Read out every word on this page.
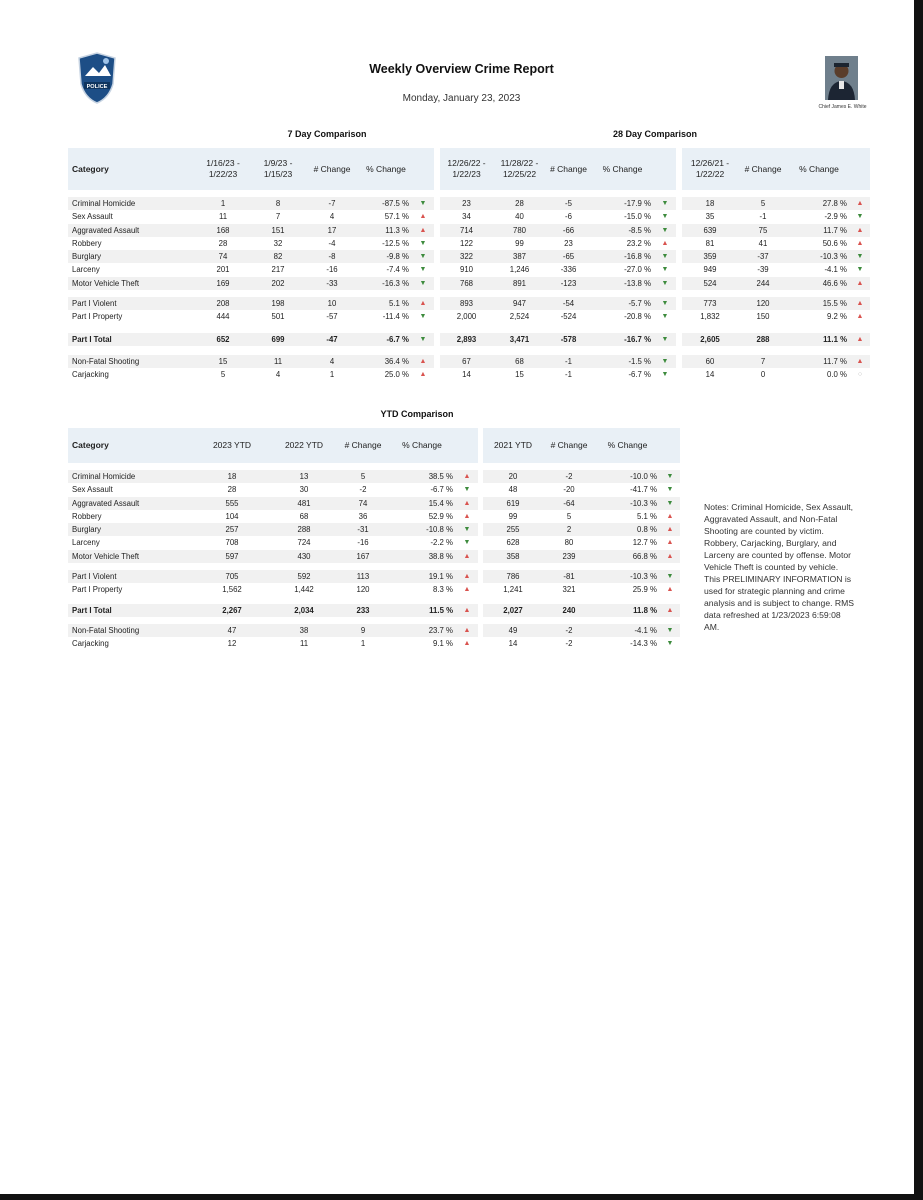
POLICE
Weekly Overview Crime Report
Monday, January 23, 2023
Chief James E. White
7 Day Comparison	28 Day Comparison
YTD Comparison
Category	1/16/23 - 1/22/23	1/9/23 - 1/15/23	# Change	% Change	

Criminal Homicide	1	8	-7	-87.5 %	▼
Sex Assault	11	7	4	57.1 %	▲
Aggravated Assault	168	151	17	11.3 %	▲
Robbery	28	32	-4	-12.5 %	▼
Burglary	74	82	-8	-9.8 %	▼
Larceny	201	217	-16	-7.4 %	▼
Motor Vehicle Theft	169	202	-33	-16.3 %	▼

Part I Violent	208	198	10	5.1 %	▲
Part I Property	444	501	-57	-11.4 %	▼

Part I Total	652	699	-47	-6.7 %	▼

Non-Fatal Shooting	15	11	4	36.4 %	▲
Carjacking	5	4	1	25.0 %	▲
12/26/22 - 1/22/23	11/28/22 - 12/25/22	# Change	% Change	

23	28	-5	-17.9 %	▼
34	40	-6	-15.0 %	▼
714	780	-66	-8.5 %	▼
122	99	23	23.2 %	▲
322	387	-65	-16.8 %	▼
910	1,246	-336	-27.0 %	▼
768	891	-123	-13.8 %	▼

893	947	-54	-5.7 %	▼
2,000	2,524	-524	-20.8 %	▼

2,893	3,471	-578	-16.7 %	▼

67	68	-1	-1.5 %	▼
14	15	-1	-6.7 %	▼
12/26/21 - 1/22/22	# Change	% Change	

18	5	27.8 %	▲
35	-1	-2.9 %	▼
639	75	11.7 %	▲
81	41	50.6 %	▲
359	-37	-10.3 %	▼
949	-39	-4.1 %	▼
524	244	46.6 %	▲

773	120	15.5 %	▲
1,832	150	9.2 %	▲

2,605	288	11.1 %	▲

60	7	11.7 %	▲
14	0	0.0 %	○
Category	2023 YTD	2022 YTD	# Change	% Change	

Criminal Homicide	18	13	5	38.5 %	▲
Sex Assault	28	30	-2	-6.7 %	▼
Aggravated Assault	555	481	74	15.4 %	▲
Robbery	104	68	36	52.9 %	▲
Burglary	257	288	-31	-10.8 %	▼
Larceny	708	724	-16	-2.2 %	▼
Motor Vehicle Theft	597	430	167	38.8 %	▲

Part I Violent	705	592	113	19.1 %	▲
Part I Property	1,562	1,442	120	8.3 %	▲

Part I Total	2,267	2,034	233	11.5 %	▲

Non-Fatal Shooting	47	38	9	23.7 %	▲
Carjacking	12	11	1	9.1 %	▲
2021 YTD	# Change	% Change	

20	-2	-10.0 %	▼
48	-20	-41.7 %	▼
619	-64	-10.3 %	▼
99	5	5.1 %	▲
255	2	0.8 %	▲
628	80	12.7 %	▲
358	239	66.8 %	▲

786	-81	-10.3 %	▼
1,241	321	25.9 %	▲

2,027	240	11.8 %	▲

49	-2	-4.1 %	▼
14	-2	-14.3 %	▼
Notes: Criminal Homicide, Sex Assault, Aggravated Assault, and Non-Fatal Shooting are counted by victim. Robbery, Carjacking, Burglary, and Larceny are counted by offense. Motor Vehicle Theft is counted by vehicle. This PRELIMINARY INFORMATION is used for strategic planning and crime analysis and is subject to change. RMS data refreshed at 1/23/2023 6:59:08 AM.
